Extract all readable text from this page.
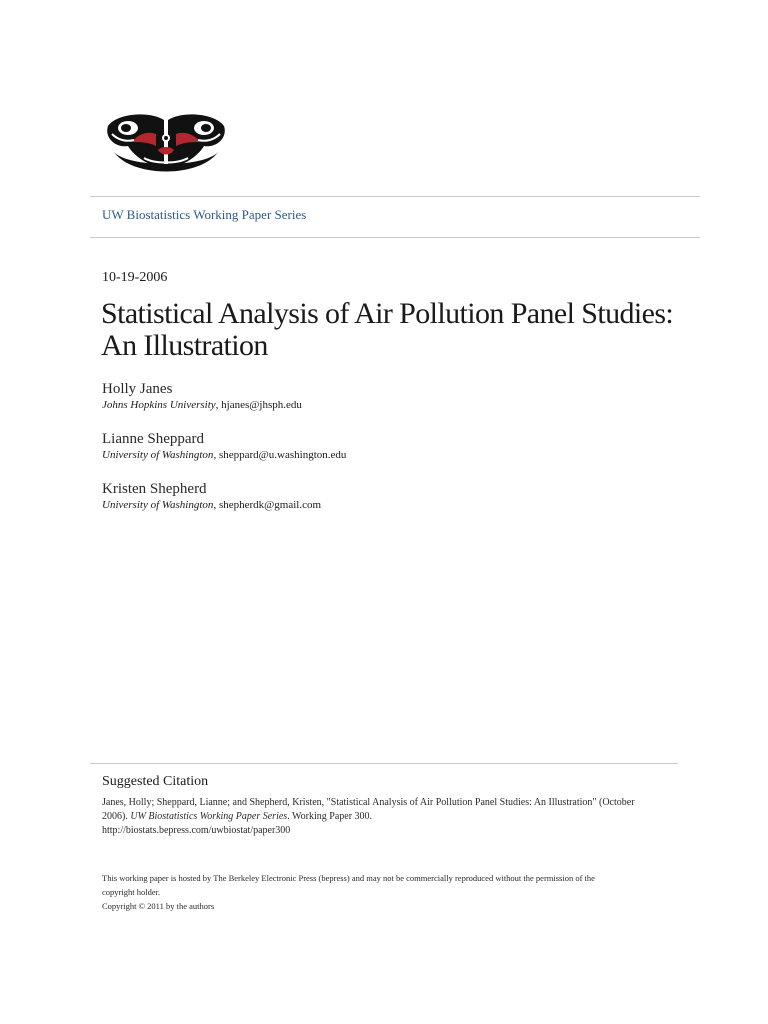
UW Biostatistics Working Paper Series
10-19-2006
Statistical Analysis of Air Pollution Panel Studies:
An Illustration
Holly Janes
Johns Hopkins University, hjanes@jhsph.edu
Lianne Sheppard
University of Washington, sheppard@u.washington.edu
Kristen Shepherd
University of Washington, shepherdk@gmail.com
Suggested Citation
Janes, Holly; Sheppard, Lianne; and Shepherd, Kristen, "Statistical Analysis of Air Pollution Panel Studies: An Illustration" (October
2006). UW Biostatistics Working Paper Series. Working Paper 300.
http://biostats.bepress.com/uwbiostat/paper300
This working paper is hosted by The Berkeley Electronic Press (bepress) and may not be commercially reproduced without the permission of the
copyright holder.
Copyright © 2011 by the authors
